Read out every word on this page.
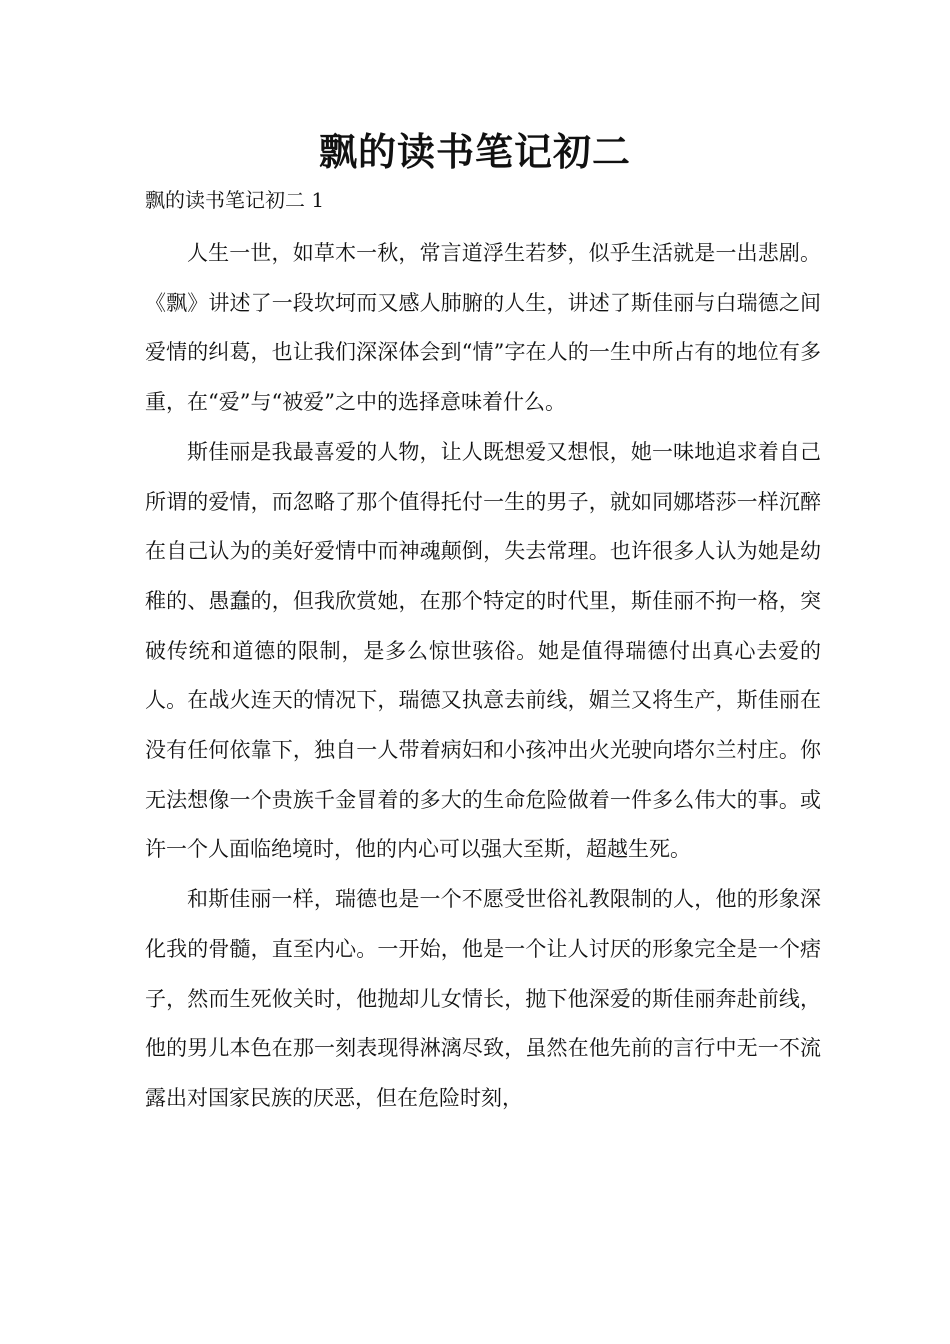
飘的读书笔记初二
飘的读书笔记初二 1

人生一世，如草木一秋，常言道浮生若梦，似乎生活就是一出悲剧。《飘》讲述了一段坎坷而又感人肺腑的人生，讲述了斯佳丽与白瑞德之间爱情的纠葛，也让我们深深体会到“情”字在人的一生中所占有的地位有多重，在“爱”与“被爱”之中的选择意味着什么。

斯佳丽是我最喜爱的人物，让人既想爱又想恨，她一味地追求着自己所谓的爱情，而忽略了那个值得托付一生的男子，就如同娜塔莎一样沉醉在自己认为的美好爱情中而神魂颠倒，失去常理。也许很多人认为她是幼稚的、愚蠢的，但我欣赏她，在那个特定的时代里，斯佳丽不拘一格，突破传统和道德的限制，是多么惊世骇俗。她是值得瑞德付出真心去爱的人。在战火连天的情况下，瑞德又执意去前线，媚兰又将生产，斯佳丽在没有任何依靠下，独自一人带着病妇和小孩冲出火光驶向塔尔兰村庄。你无法想像一个贵族千金冒着的多大的生命危险做着一件多么伟大的事。或许一个人面临绝境时，他的内心可以强大至斯，超越生死。

和斯佳丽一样，瑞德也是一个不愿受世俗礼教限制的人，他的形象深化我的骨髓，直至内心。一开始，他是一个让人讨厌的形象完全是一个痞子，然而生死攸关时，他抛却儿女情长，抛下他深爱的斯佳丽奔赴前线，他的男儿本色在那一刻表现得淋漓尽致，虽然在他先前的言行中无一不流露出对国家民族的厌恶，但在危险时刻，
